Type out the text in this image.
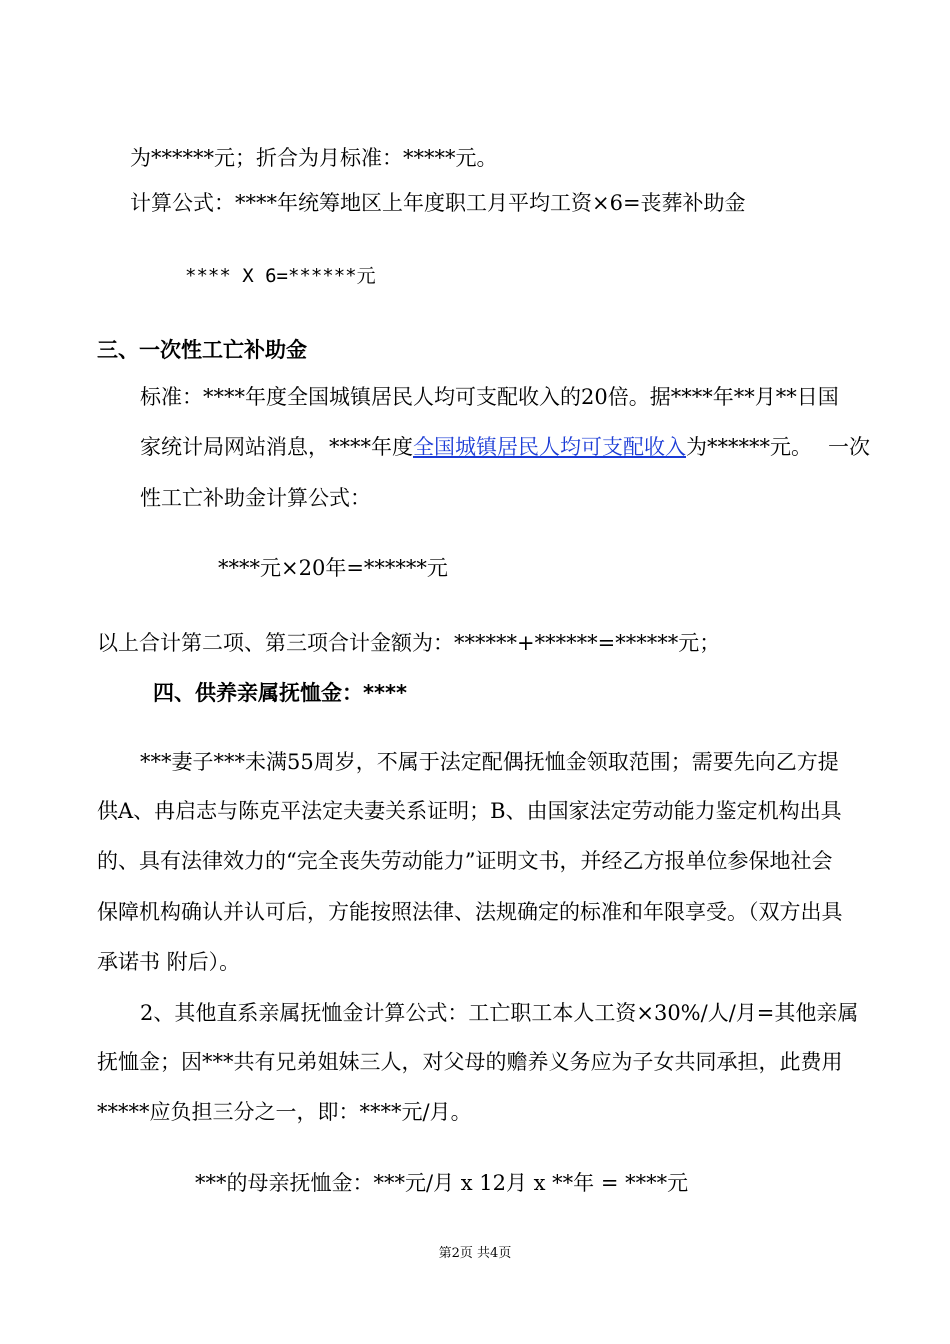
为******元；折合为月标准：*****元。
计算公式：****年统筹地区上年度职工月平均工资×6=丧葬补助金
**** X 6=******元
三、一次性工亡补助金
标准：****年度全国城镇居民人均可支配收入的20倍。据****年**月**日国
家统计局网站消息，****年度全国城镇居民人均可支配收入为******元。 一次
性工亡补助金计算公式：
****元×20年=******元
以上合计第二项、第三项合计金额为：******+******=******元；
四、供养亲属抚恤金：****
***妻子***未满55周岁，不属于法定配偶抚恤金领取范围；需要先向乙方提
供A、冉启志与陈克平法定夫妻关系证明；B、由国家法定劳动能力鉴定机构出具
的、具有法律效力的“完全丧失劳动能力”证明文书，并经乙方报单位参保地社会
保障机构确认并认可后，方能按照法律、法规确定的标准和年限享受。（双方出具
承诺书 附后）。
2、其他直系亲属抚恤金计算公式：工亡职工本人工资×30%/人/月=其他亲属
抚恤金；因***共有兄弟姐妹三人，对父母的赡养义务应为子女共同承担，此费用
*****应负担三分之一，即：****元/月。
***的母亲抚恤金：***元/月 x 12月 x **年 = ****元
第2页 共4页
